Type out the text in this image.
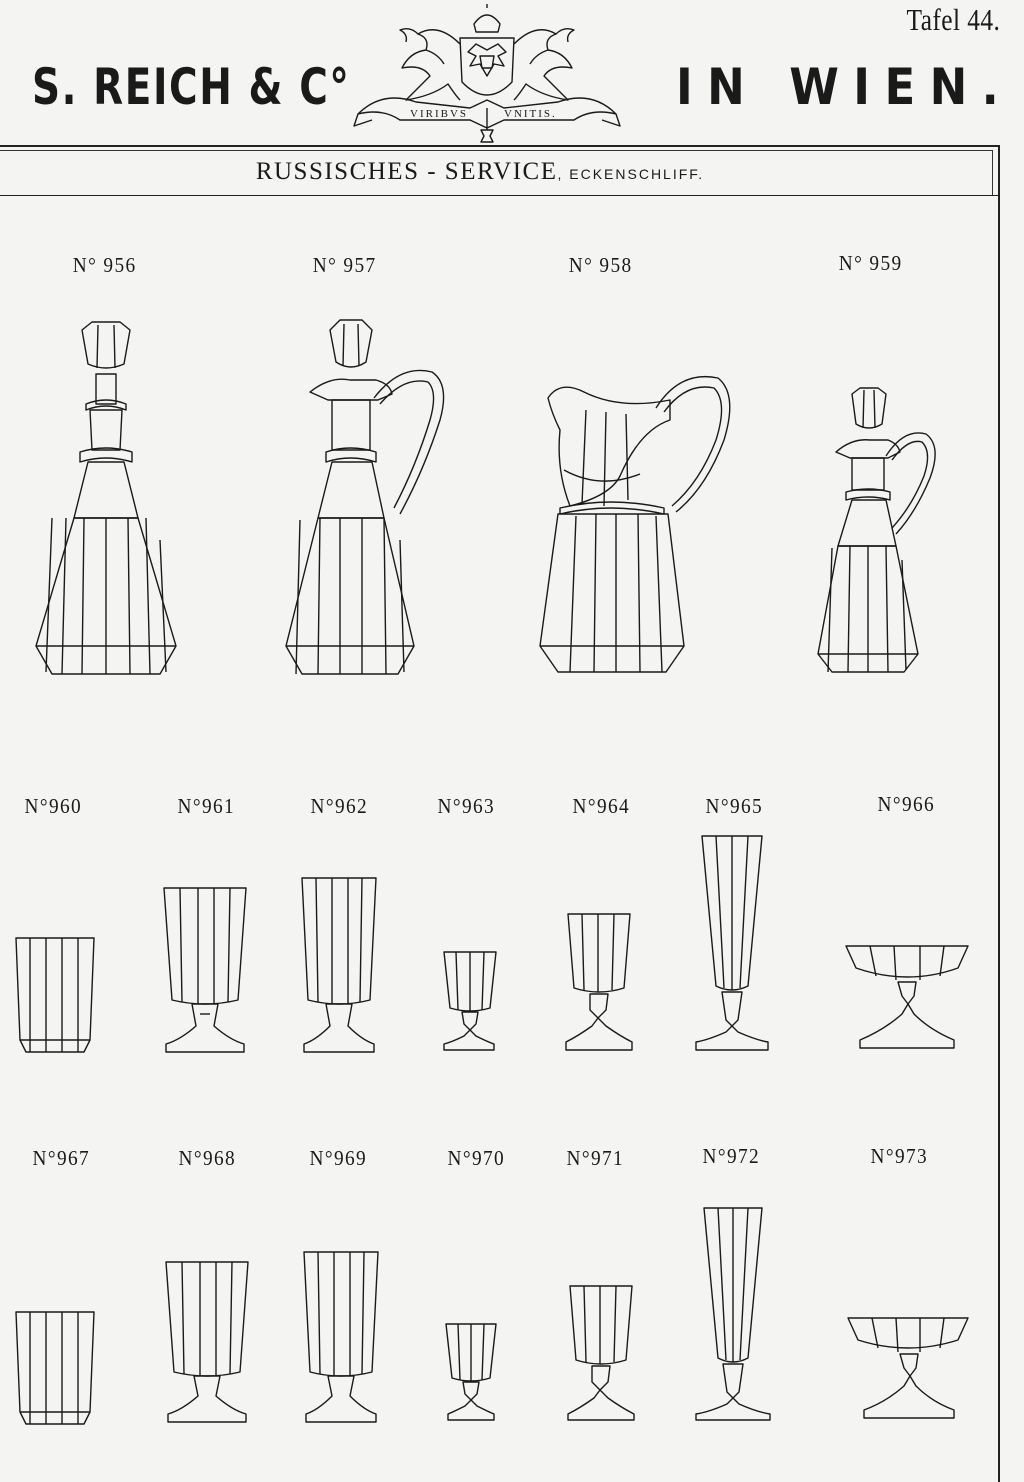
Tafel 44.
S. REICH & C°	IN WIEN.
VIRIBVS	VNITIS.
RUSSISCHES - SERVICE, ECKENSCHLIFF.
N° 956	N° 957	N° 958	N° 959
N°960	N°961	N°962	N°963	N°964	N°965	N°966
N°967	N°968	N°969	N°970	N°971	N°972	N°973
